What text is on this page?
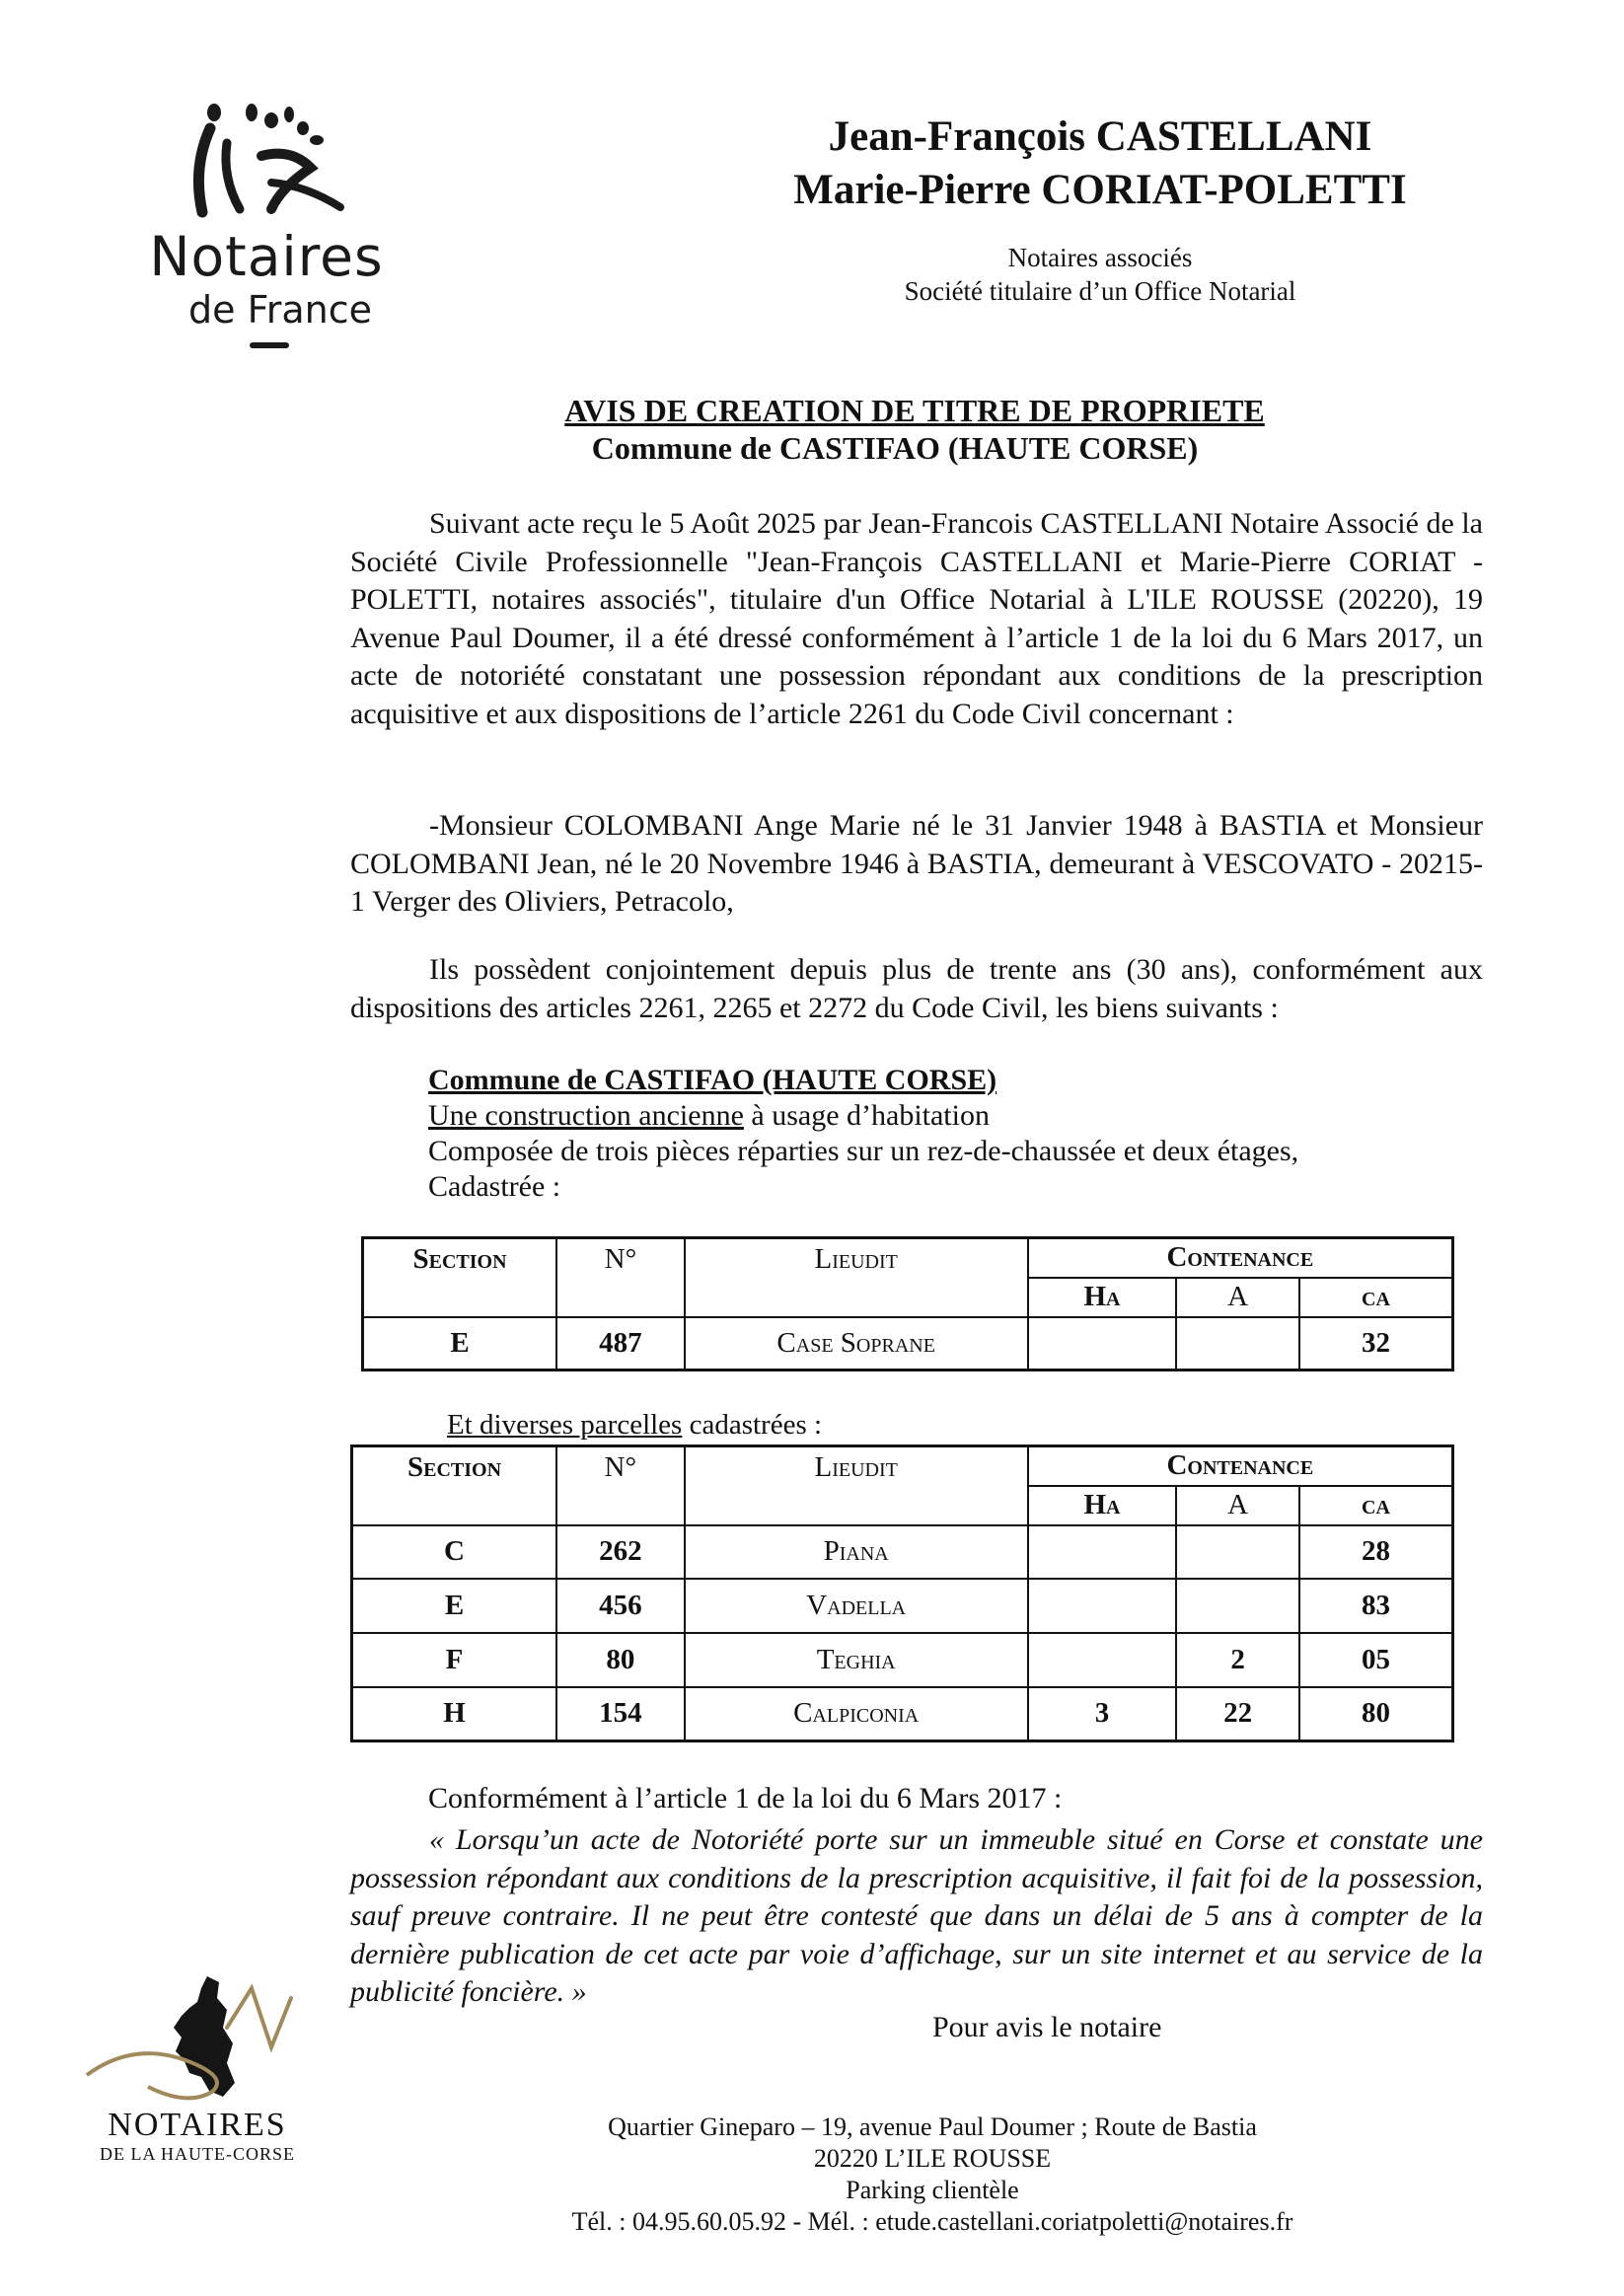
Notaires
de France
Jean-François CASTELLANI
Marie-Pierre CORIAT-POLETTI
Notaires associés
Société titulaire d’un Office Notarial
AVIS DE CREATION DE TITRE DE PROPRIETE
Commune de CASTIFAO (HAUTE CORSE)
Suivant acte reçu le 5 Août 2025 par Jean-Francois CASTELLANI Notaire Associé de la Société Civile Professionnelle "Jean-François CASTELLANI et Marie-Pierre CORIAT - POLETTI, notaires associés", titulaire d'un Office Notarial à L'ILE ROUSSE (20220), 19 Avenue Paul Doumer, il a été dressé conformément à l’article 1 de la loi du 6 Mars 2017, un acte de notoriété constatant une possession répondant aux conditions de la prescription acquisitive et aux dispositions de l’article 2261 du Code Civil concernant :
-Monsieur COLOMBANI Ange Marie né le 31 Janvier 1948 à BASTIA et Monsieur COLOMBANI Jean, né le 20 Novembre 1946 à BASTIA, demeurant à VESCOVATO - 20215- 1 Verger des Oliviers, Petracolo,
Ils possèdent conjointement depuis plus de trente ans (30 ans), conformément aux dispositions des articles 2261, 2265 et 2272 du Code Civil, les biens suivants :
Commune de CASTIFAO (HAUTE CORSE)
Une construction ancienne à usage d’habitation
Composée de trois pièces réparties sur un rez-de-chaussée et deux étages,
Cadastrée :
Section	N°	Lieudit	Contenance		
			Ha	A	ca
E	487	Case Soprane			32
Et diverses parcelles cadastrées :
Section	N°	Lieudit	Contenance		
			Ha	A	ca
C	262	Piana			28
E	456	Vadella			83
F	80	Teghia		2	05
H	154	Calpiconia	3	22	80
Conformément à l’article 1 de la loi du 6 Mars 2017 :
« Lorsqu’un acte de Notoriété porte sur un immeuble situé en Corse et constate une possession répondant aux conditions de la prescription acquisitive, il fait foi de la possession, sauf preuve contraire. Il ne peut être contesté que dans un délai de 5 ans à compter de la dernière publication de cet acte par voie d’affichage, sur un site internet et au service de la publicité foncière. »
Pour avis le notaire
NOTAIRES
DE LA HAUTE-CORSE
Quartier Gineparo – 19, avenue Paul Doumer ; Route de Bastia
20220 L’ILE ROUSSE
Parking clientèle
Tél. : 04.95.60.05.92 - Mél. : etude.castellani.coriatpoletti@notaires.fr
